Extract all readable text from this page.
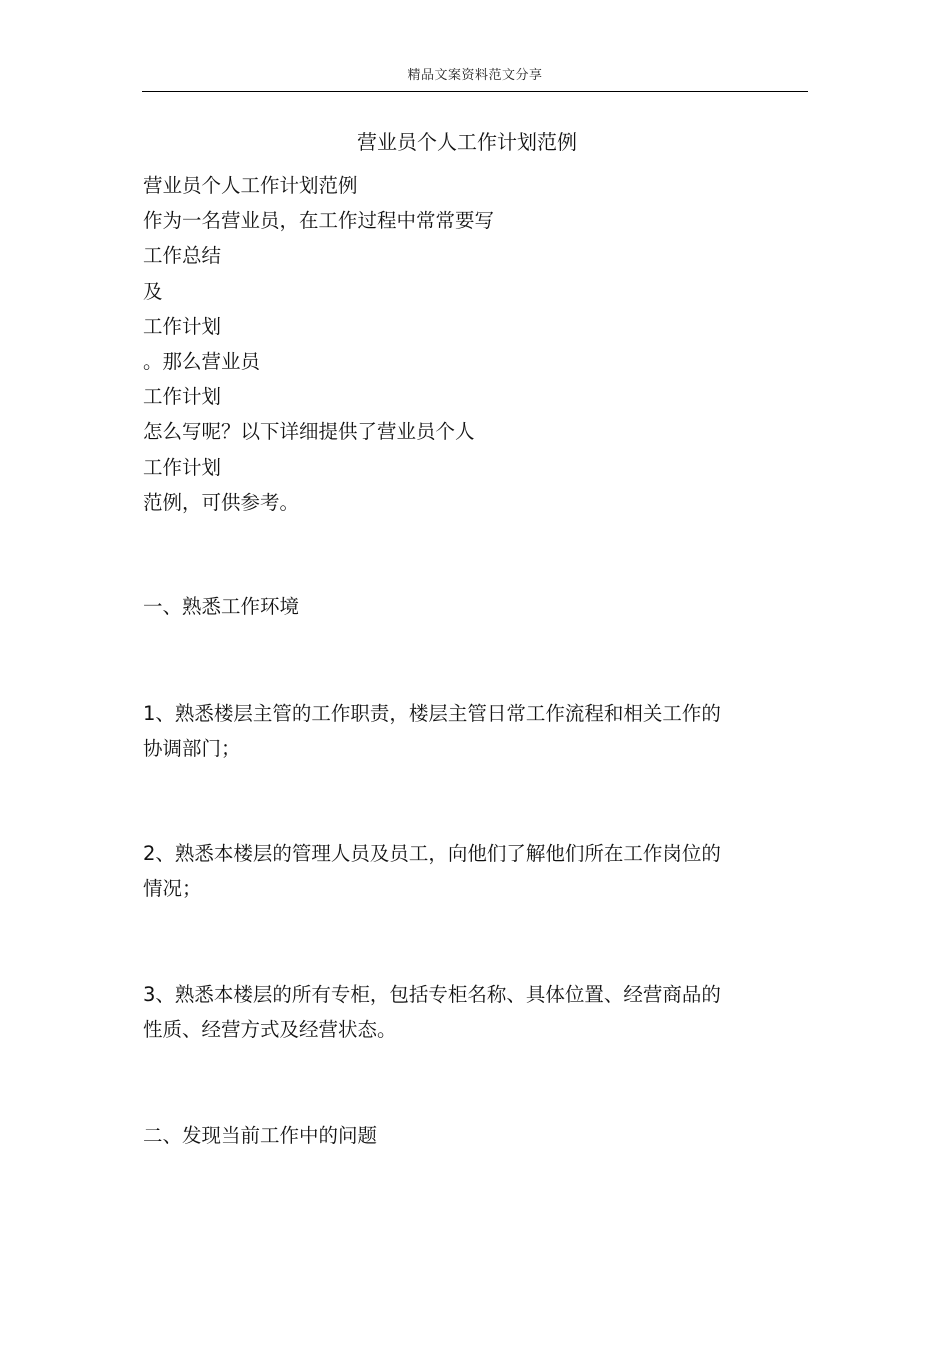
精品文案资料范文分享
营业员个人工作计划范例
营业员个人工作计划范例
作为一名营业员，在工作过程中常常要写
工作总结
及
工作计划
。那么营业员
工作计划
怎么写呢？以下详细提供了营业员个人
工作计划
范例，可供参考。
一、熟悉工作环境
1、熟悉楼层主管的工作职责，楼层主管日常工作流程和相关工作的
协调部门；
2、熟悉本楼层的管理人员及员工，向他们了解他们所在工作岗位的
情况；
3、熟悉本楼层的所有专柜，包括专柜名称、具体位置、经营商品的
性质、经营方式及经营状态。
二、发现当前工作中的问题
